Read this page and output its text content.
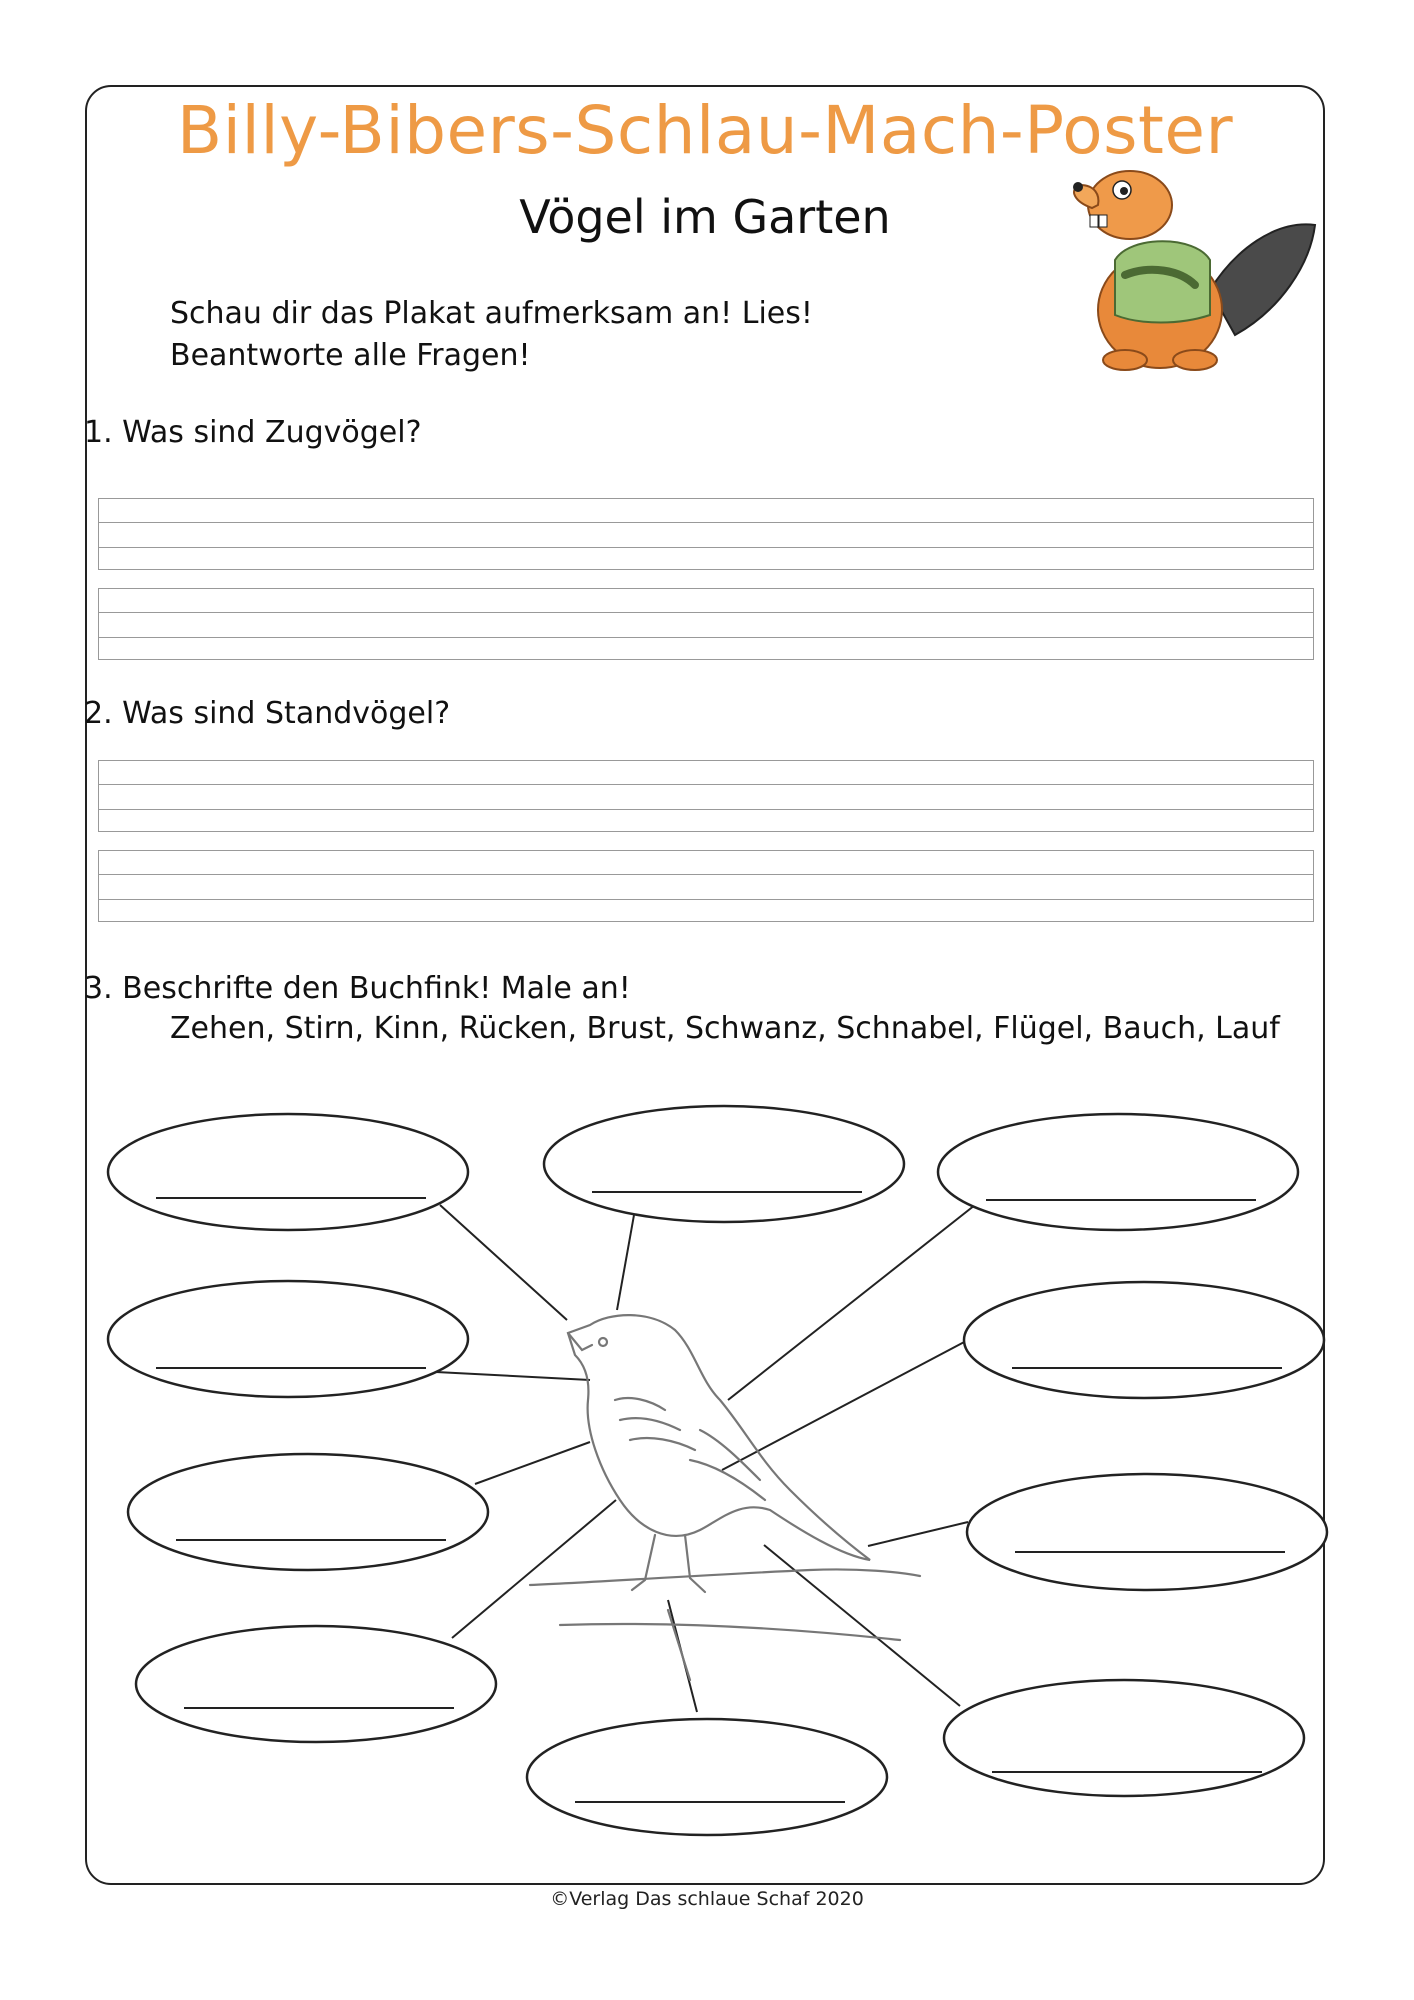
Billy-Bibers-Schlau-Mach-Poster
Vögel im Garten
Schau dir das Plakat aufmerksam an! Lies!
Beantworte alle Fragen!
1. Was sind Zugvögel?
2. Was sind Standvögel?
3. Beschrifte den Buchfink! Male an!
Zehen, Stirn, Kinn, Rücken, Brust, Schwanz, Schnabel, Flügel, Bauch, Lauf
©Verlag Das schlaue Schaf 2020
